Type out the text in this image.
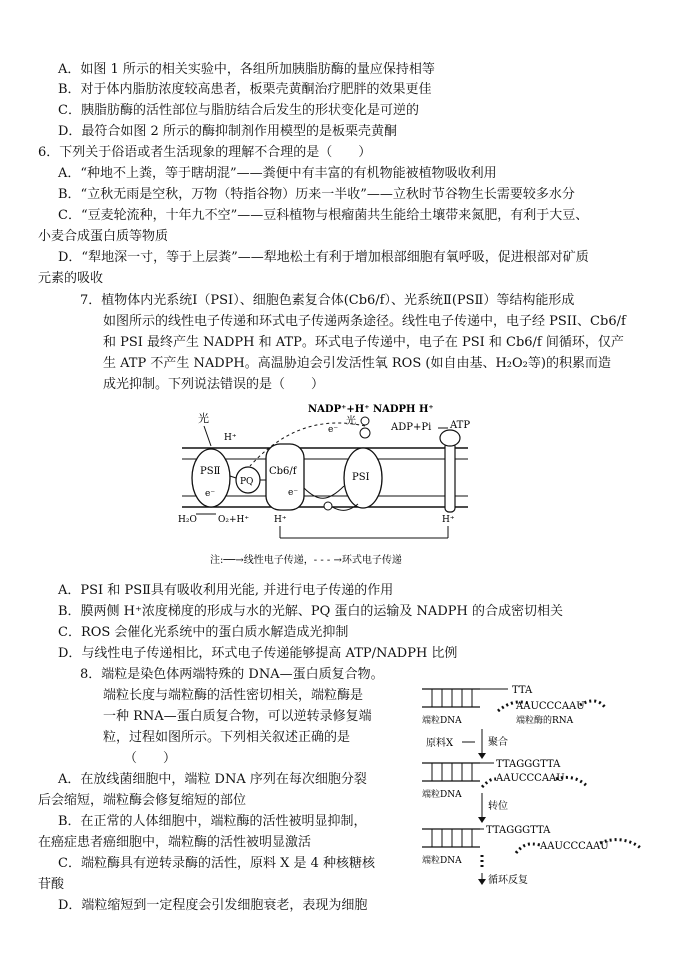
A．如图 1 所示的相关实验中，各组所加胰脂肪酶的量应保持相等
B．对于体内脂肪浓度较高患者，板栗壳黄酮治疗肥胖的效果更佳
C．胰脂肪酶的活性部位与脂肪结合后发生的形状变化是可逆的
D．最符合如图 2 所示的酶抑制剂作用模型的是板栗壳黄酮
6．下列关于俗语或者生活现象的理解不合理的是（　　）
A．“种地不上粪，等于瞎胡混”——粪便中有丰富的有机物能被植物吸收利用
B．“立秋无雨是空秋，万物（特指谷物）历来一半收”——立秋时节谷物生长需要较多水分
C．“豆麦轮流种，十年九不空”——豆科植物与根瘤菌共生能给土壤带来氮肥，有利于大豆、
小麦合成蛋白质等物质
D．“犁地深一寸，等于上层粪”——犁地松土有利于增加根部细胞有氧呼吸，促进根部对矿质
元素的吸收
7．植物体内光系统Ⅰ（PSⅠ）、细胞色素复合体(Cb6/f）、光系统Ⅱ(PSⅡ）等结构能形成
如图所示的线性电子传递和环式电子传递两条途径。线性电子传递中，电子经 PSII、Cb6/f
和 PSI 最终产生 NADPH 和 ATP。环式电子传递中，电子在 PSI 和 Cb6/f 间循环，仅产
生 ATP 不产生 NADPH。高温胁迫会引发活性氧 ROS (如自由基、H₂O₂等)的积累而造
成光抑制。下列说法错误的是（　　）
PSⅡ
e⁻
PQ
Cb6/f
e⁻
PSⅠ
NADP⁺+H⁺ NADPH H⁺
ADP+Pi ATP
光	光
H⁺
e⁻
H₂O O₂+H⁺	H⁺	H⁺
注:──→线性电子传递，- - - →环式电子传递
A．PSI 和 PSⅡ具有吸收利用光能, 并进行电子传递的作用
B．膜两侧 H⁺浓度梯度的形成与水的光解、PQ 蛋白的运输及 NADPH 的合成密切相关
C．ROS 会催化光系统中的蛋白质水解造成光抑制
D．与线性电子传递相比，环式电子传递能够提高 ATP/NADPH 比例
8．端粒是染色体两端特殊的 DNA—蛋白质复合物。
端粒长度与端粒酶的活性密切相关，端粒酶是
一种 RNA—蛋白质复合物，可以逆转录修复端
粒，过程如图所示。下列相关叙述正确的是
（　　）
A．在放线菌细胞中，端粒 DNA 序列在每次细胞分裂
后会缩短，端粒酶会修复缩短的部位
B．在正常的人体细胞中，端粒酶的活性被明显抑制，
在癌症患者癌细胞中，端粒酶的活性被明显激活
C．端粒酶具有逆转录酶的活性，原料 X 是 4 种核糖核
苷酸
D．端粒缩短到一定程度会引发细胞衰老，表现为细胞
TTA
AAUCCCAAU
端粒酶的RNA
端粒DNA
原料X	聚合
TTAGGGTTA
AAUCCCAAU
端粒DNA
转位
TTAGGGTTA
AAUCCCAAU
端粒DNA
循环反复
